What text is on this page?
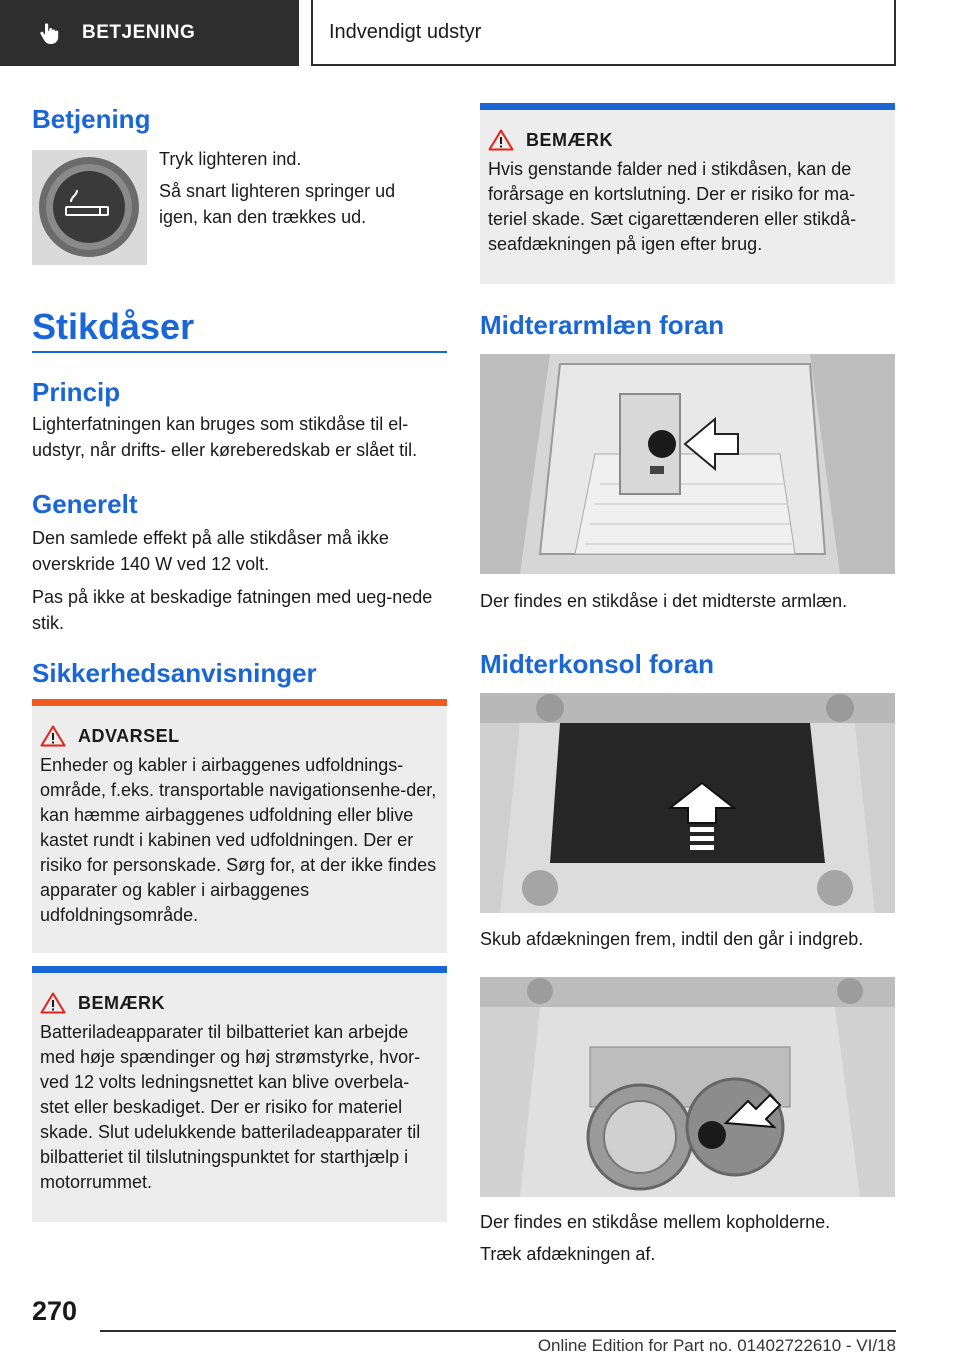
BETJENING	Indvendigt udstyr
Betjening

Tryk lighteren ind.

Så snart lighteren springer ud igen, kan den trækkes ud.

Stikdåser
Princip

Lighterfatningen kan bruges som stikdåse til el-udstyr, når drifts- eller køreberedskab er slået til.

Generelt

Den samlede effekt på alle stikdåser må ikke overskride 140 W ved 12 volt.

Pas på ikke at beskadige fatningen med ueg-nede stik.

Sikkerhedsanvisninger
ADVARSEL

Enheder og kabler i airbaggenes udfoldnings-område, f.eks. transportable navigationsenhe-der, kan hæmme airbaggenes udfoldning eller blive kastet rundt i kabinen ved udfoldningen. Der er risiko for personskade. Sørg for, at der ikke findes apparater og kabler i airbaggenes udfoldningsområde.

BEMÆRK

Batteriladeapparater til bilbatteriet kan arbejde med høje spændinger og høj strømstyrke, hvor-ved 12 volts ledningsnettet kan blive overbela-stet eller beskadiget. Der er risiko for materiel skade. Slut udelukkende batteriladeapparater til bilbatteriet til tilslutningspunktet for starthjælp i motorrummet.

BEMÆRK

Hvis genstande falder ned i stikdåsen, kan de forårsage en kortslutning. Der er risiko for ma-teriel skade. Sæt cigarettænderen eller stikdå-seafdækningen på igen efter brug.

Midterarmlæn foran

Der findes en stikdåse i det midterste armlæn.

Midterkonsol foran

Skub afdækningen frem, indtil den går i indgreb.

Der findes en stikdåse mellem kopholderne.

Træk afdækningen af.

270
Online Edition for Part no. 01402722610 - VI/18
